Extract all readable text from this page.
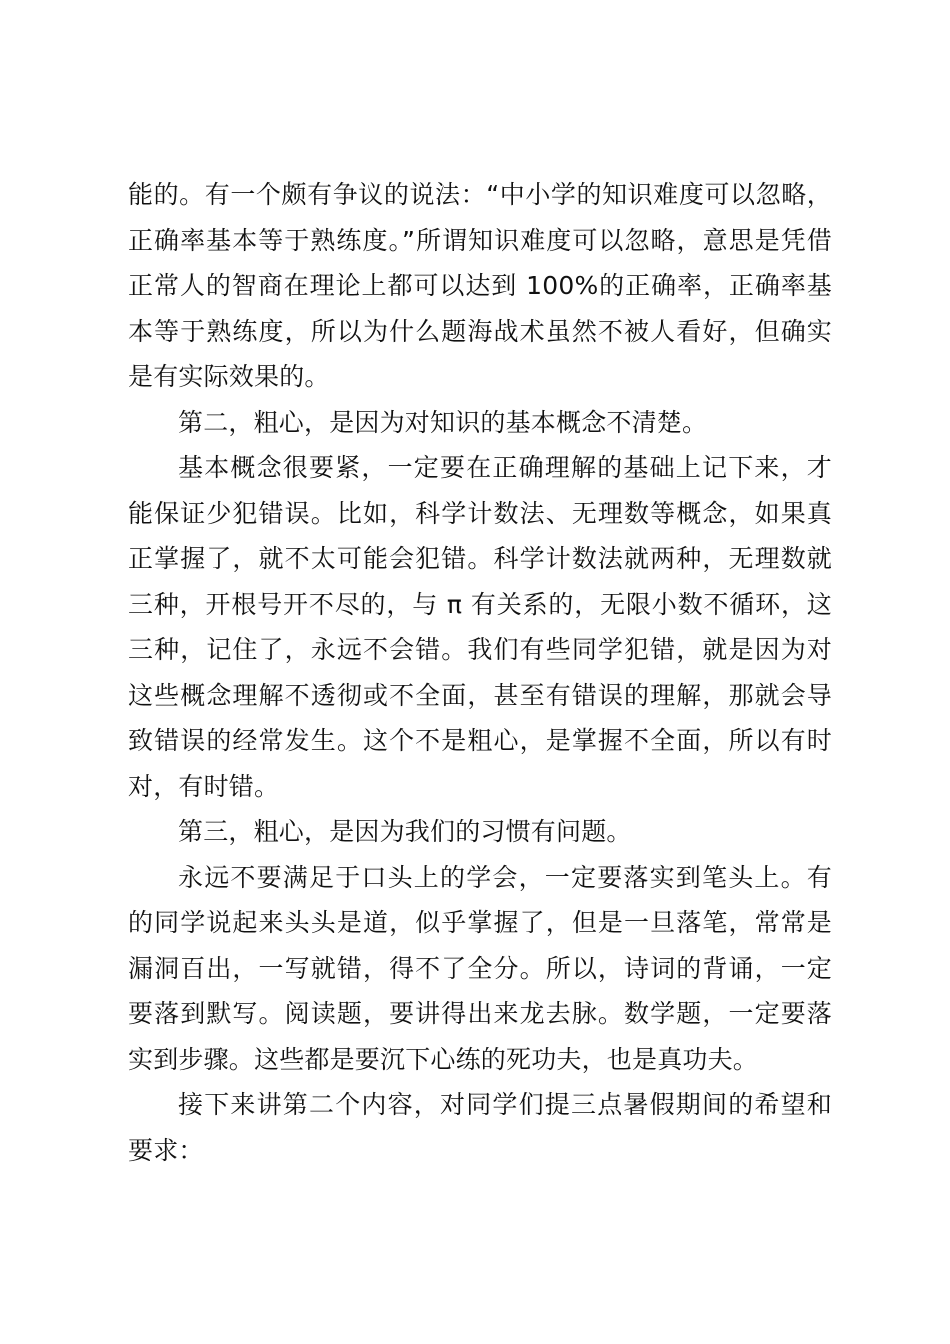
能的。有一个颇有争议的说法：“中小学的知识难度可以忽略，正确率基本等于熟练度。”所谓知识难度可以忽略，意思是凭借正常人的智商在理论上都可以达到 100%的正确率，正确率基本等于熟练度，所以为什么题海战术虽然不被人看好，但确实是有实际效果的。

第二，粗心，是因为对知识的基本概念不清楚。

基本概念很要紧，一定要在正确理解的基础上记下来，才能保证少犯错误。比如，科学计数法、无理数等概念，如果真正掌握了，就不太可能会犯错。科学计数法就两种，无理数就三种，开根号开不尽的，与 π 有关系的，无限小数不循环，这三种，记住了，永远不会错。我们有些同学犯错，就是因为对这些概念理解不透彻或不全面，甚至有错误的理解，那就会导致错误的经常发生。这个不是粗心，是掌握不全面，所以有时对，有时错。

第三，粗心，是因为我们的习惯有问题。

永远不要满足于口头上的学会，一定要落实到笔头上。有的同学说起来头头是道，似乎掌握了，但是一旦落笔，常常是漏洞百出，一写就错，得不了全分。所以，诗词的背诵，一定要落到默写。阅读题，要讲得出来龙去脉。数学题，一定要落实到步骤。这些都是要沉下心练的死功夫，也是真功夫。

接下来讲第二个内容，对同学们提三点暑假期间的希望和要求：
